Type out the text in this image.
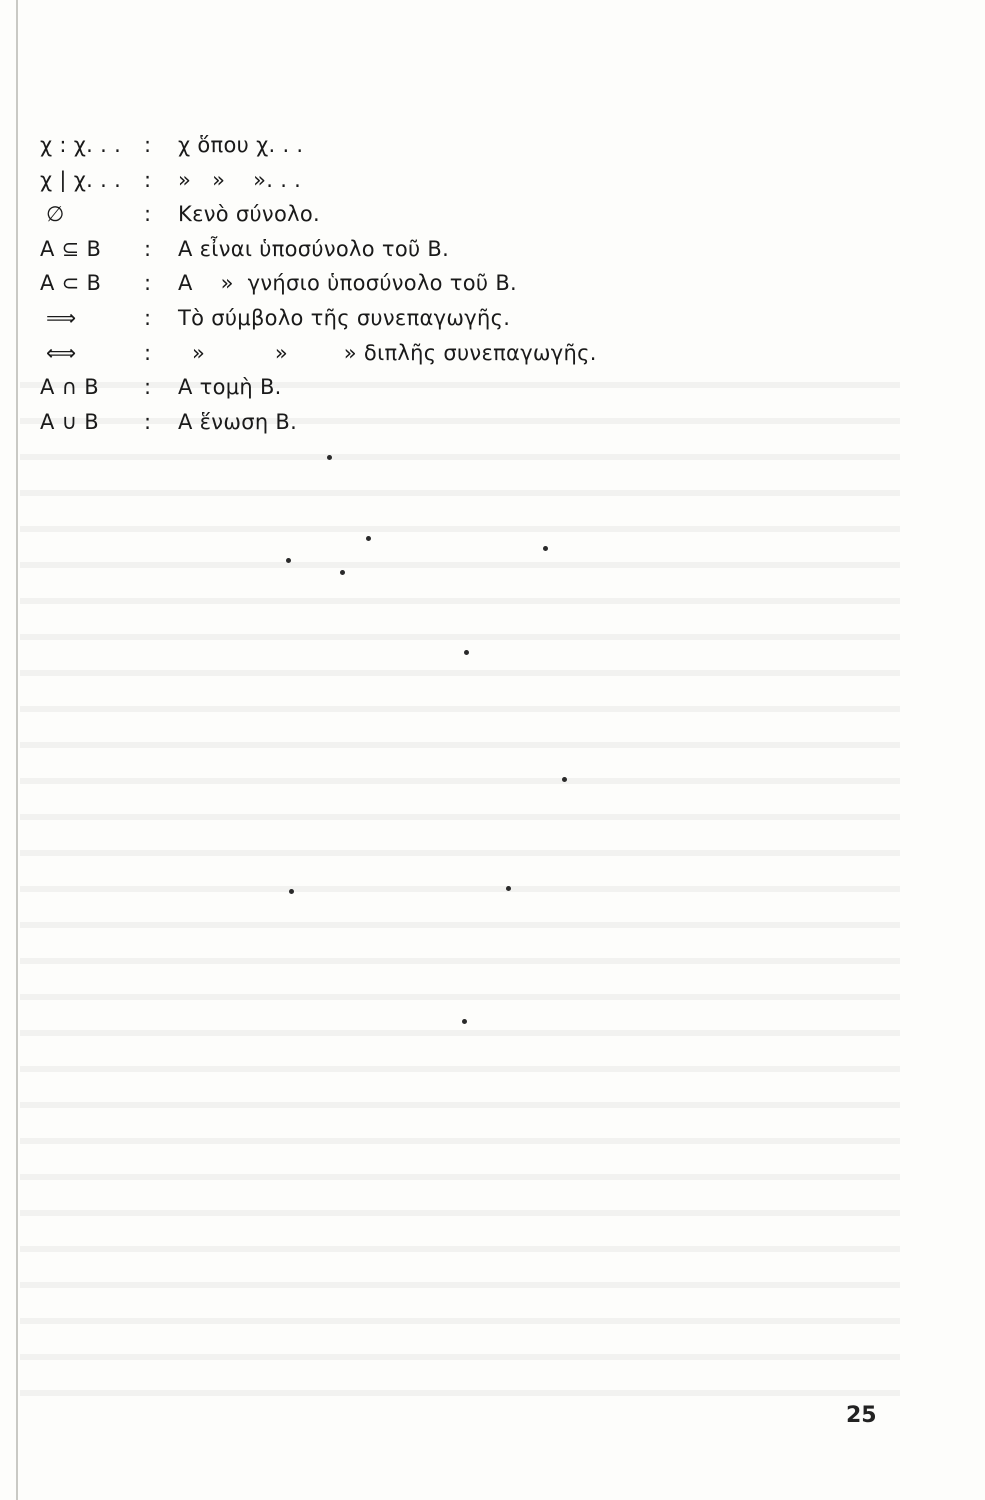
χ : χ. . .	:	χ ὅπου χ. . .
χ | χ. . .	:	»   »    ». . .
∅	:	Κενὸ σύνολο.
A ⊆ B	:	A εἶναι ὑποσύνολο τοῦ B.
A ⊂ B	:	A    »  γνήσιο ὑποσύνολο τοῦ B.
⟹	:	Τὸ σύμβολο τῆς συνεπαγωγῆς.
⟺	:	»          »        » διπλῆς συνεπαγωγῆς.
A ∩ B	:	A τομὴ B.
A ∪ B	:	A ἕνωση B.
25
